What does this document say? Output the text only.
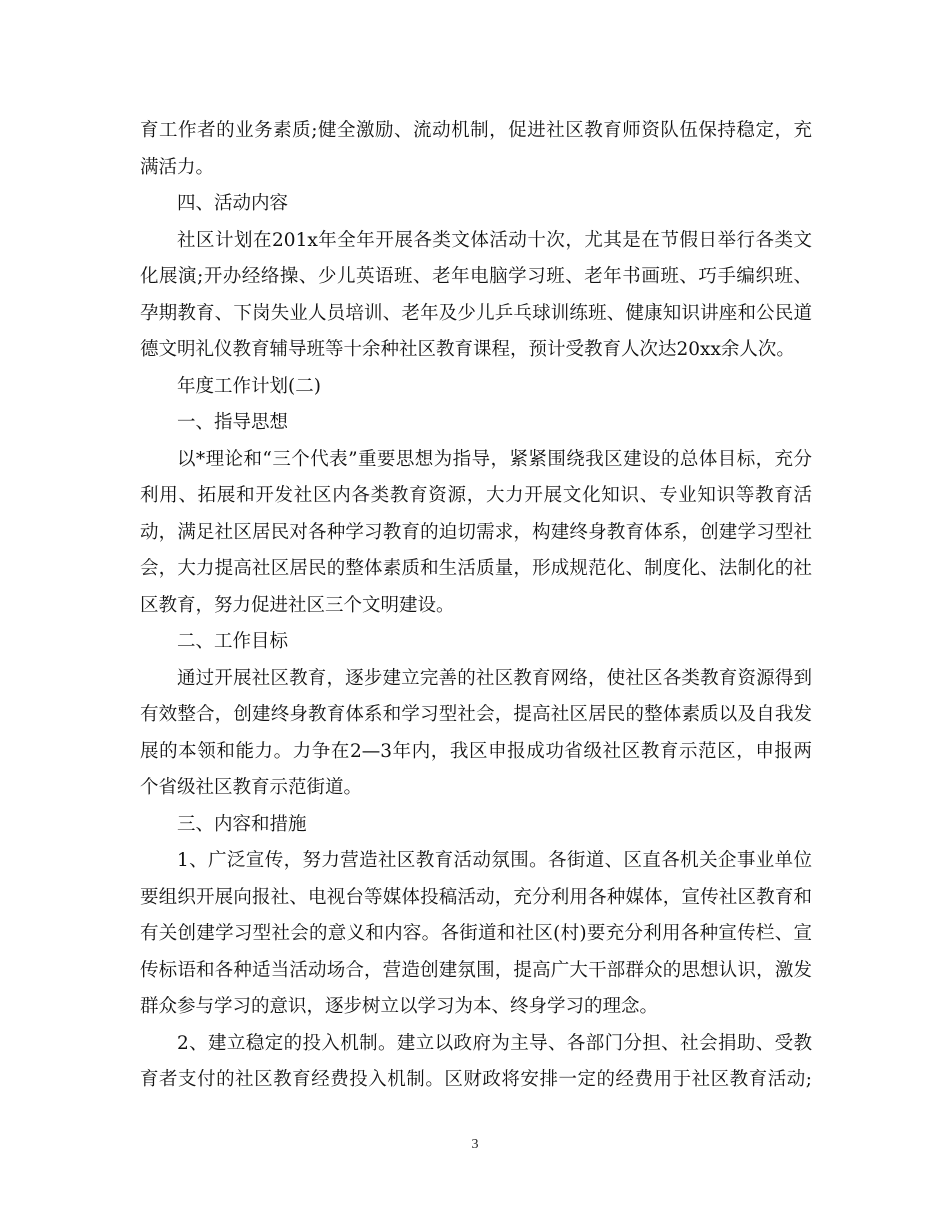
育工作者的业务素质;健全激励、流动机制，促进社区教育师资队伍保持稳定，充
满活力。
四、活动内容
社区计划在201x年全年开展各类文体活动十次，尤其是在节假日举行各类文
化展演;开办经络操、少儿英语班、老年电脑学习班、老年书画班、巧手编织班、
孕期教育、下岗失业人员培训、老年及少儿乒乓球训练班、健康知识讲座和公民道
德文明礼仪教育辅导班等十余种社区教育课程，预计受教育人次达20xx余人次。
年度工作计划(二)
一、指导思想
以*理论和“三个代表”重要思想为指导，紧紧围绕我区建设的总体目标，充分
利用、拓展和开发社区内各类教育资源，大力开展文化知识、专业知识等教育活
动，满足社区居民对各种学习教育的迫切需求，构建终身教育体系，创建学习型社
会，大力提高社区居民的整体素质和生活质量，形成规范化、制度化、法制化的社
区教育，努力促进社区三个文明建设。
二、工作目标
通过开展社区教育，逐步建立完善的社区教育网络，使社区各类教育资源得到
有效整合，创建终身教育体系和学习型社会，提高社区居民的整体素质以及自我发
展的本领和能力。力争在2—3年内，我区申报成功省级社区教育示范区，申报两
个省级社区教育示范街道。
三、内容和措施
1、广泛宣传，努力营造社区教育活动氛围。各街道、区直各机关企事业单位
要组织开展向报社、电视台等媒体投稿活动，充分利用各种媒体，宣传社区教育和
有关创建学习型社会的意义和内容。各街道和社区(村)要充分利用各种宣传栏、宣
传标语和各种适当活动场合，营造创建氛围，提高广大干部群众的思想认识，激发
群众参与学习的意识，逐步树立以学习为本、终身学习的理念。
2、建立稳定的投入机制。建立以政府为主导、各部门分担、社会捐助、受教
育者支付的社区教育经费投入机制。区财政将安排一定的经费用于社区教育活动;
3
